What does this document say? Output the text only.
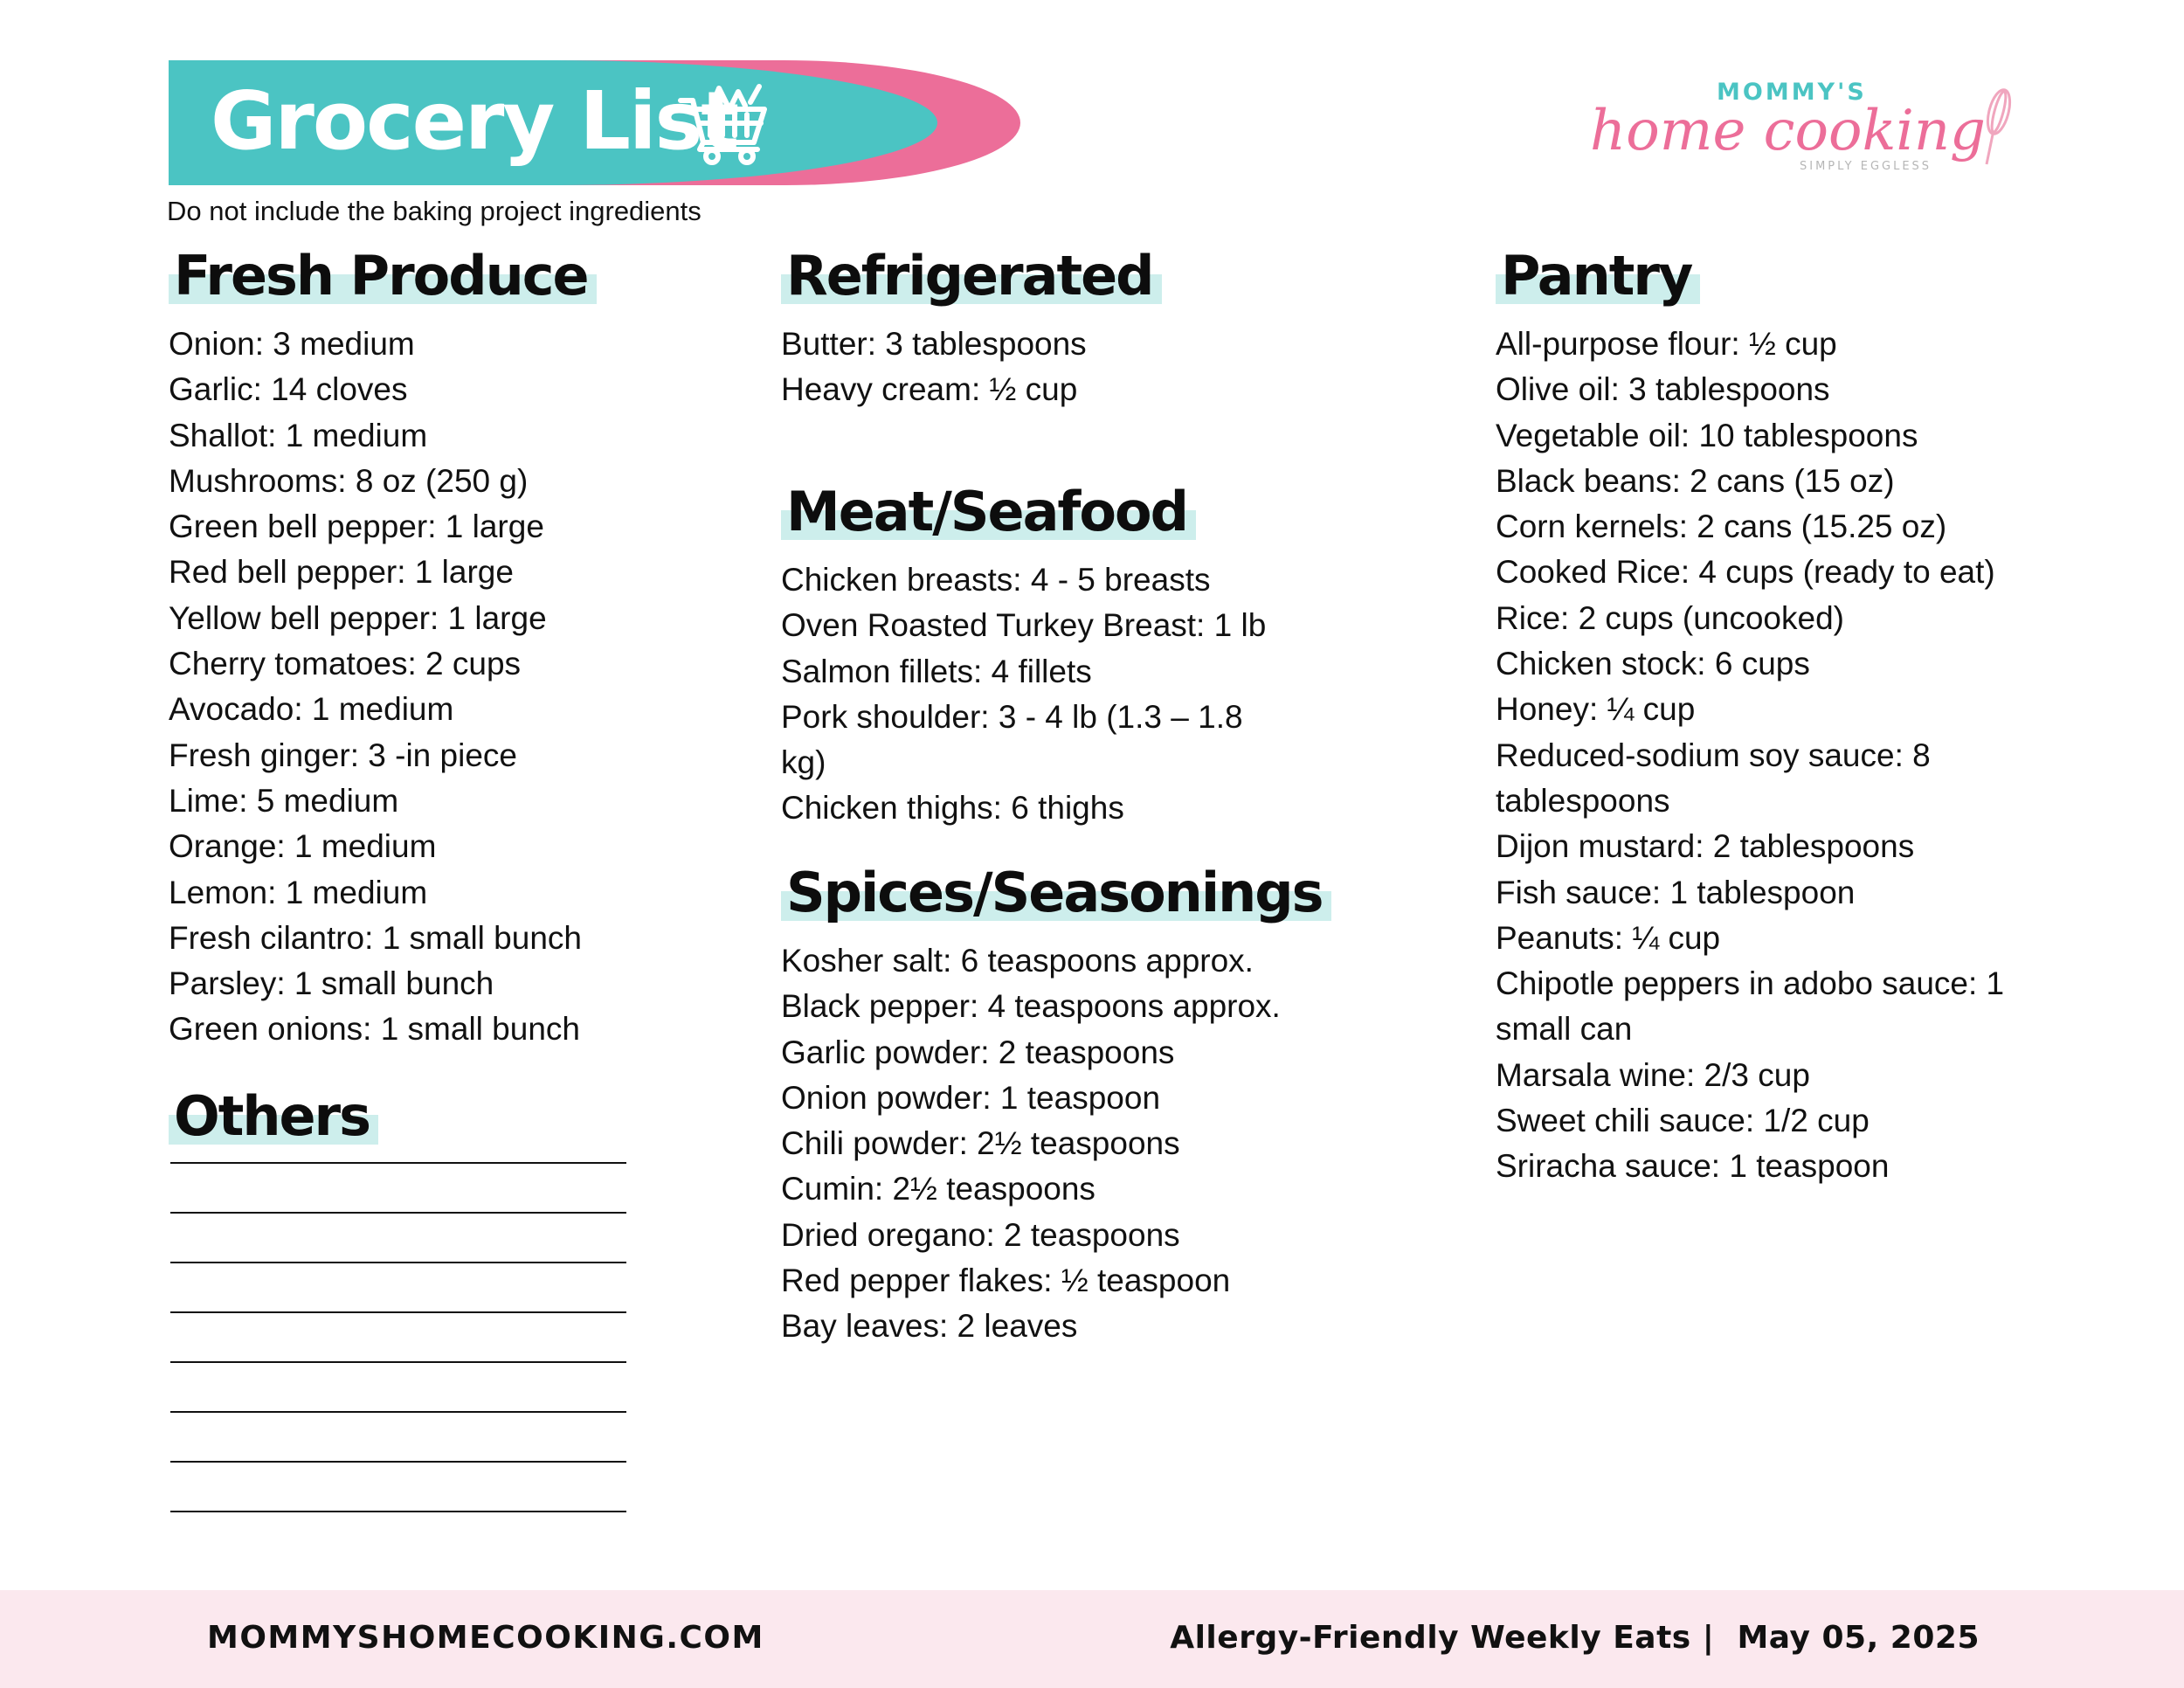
Grocery List	MOMMY'S
home cooking
SIMPLY EGGLESS
Do not include the baking project ingredients
Fresh Produce
Onion: 3 medium
Garlic: 14 cloves
Shallot: 1 medium
Mushrooms: 8 oz (250 g)
Green bell pepper: 1 large
Red bell pepper: 1 large
Yellow bell pepper: 1 large
Cherry tomatoes: 2 cups
Avocado: 1 medium
Fresh ginger: 3 -in piece
Lime: 5 medium
Orange: 1 medium
Lemon: 1 medium
Fresh cilantro: 1 small bunch
Parsley: 1 small bunch
Green onions: 1 small bunch
Others
Refrigerated
Butter: 3 tablespoons
Heavy cream: ½ cup
Meat/Seafood
Chicken breasts: 4 - 5 breasts
Oven Roasted Turkey Breast: 1 lb
Salmon fillets: 4 fillets
Pork shoulder: 3 - 4 lb (1.3 – 1.8 kg)
Chicken thighs: 6 thighs
Spices/Seasonings
Kosher salt: 6 teaspoons approx.
Black pepper: 4 teaspoons approx.
Garlic powder: 2 teaspoons
Onion powder: 1 teaspoon
Chili powder: 2½ teaspoons
Cumin: 2½ teaspoons
Dried oregano: 2 teaspoons
Red pepper flakes: ½ teaspoon
Bay leaves: 2 leaves
Pantry
All-purpose flour: ½ cup
Olive oil: 3 tablespoons
Vegetable oil: 10 tablespoons
Black beans: 2 cans (15 oz)
Corn kernels: 2 cans (15.25 oz)
Cooked Rice: 4 cups (ready to eat)
Rice: 2 cups (uncooked)
Chicken stock: 6 cups
Honey: ¼ cup
Reduced-sodium soy sauce: 8 tablespoons
Dijon mustard: 2 tablespoons
Fish sauce: 1 tablespoon
Peanuts: ¼ cup
Chipotle peppers in adobo sauce: 1 small can
Marsala wine: 2/3 cup
Sweet chili sauce: 1/2 cup
Sriracha sauce: 1 teaspoon
MOMMYSHOMECOOKING.COM	Allergy-Friendly Weekly Eats |  May 05, 2025
